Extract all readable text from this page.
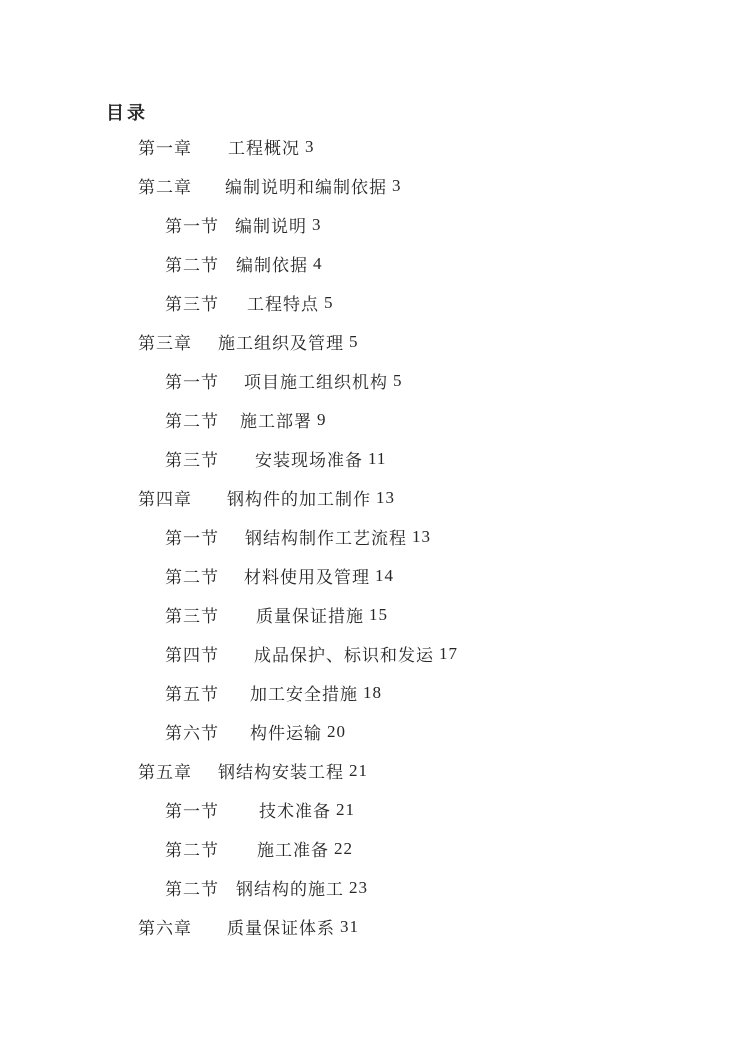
目录
第一章 工程概况 3
第二章 编制说明和编制依据 3
第一节 编制说明 3
第二节 编制依据 4
第三节 工程特点 5
第三章 施工组织及管理 5
第一节 项目施工组织机构 5
第二节 施工部署 9
第三节 安装现场准备 11
第四章 钢构件的加工制作 13
第一节 钢结构制作工艺流程 13
第二节 材料使用及管理 14
第三节 质量保证措施 15
第四节 成品保护、标识和发运 17
第五节 加工安全措施 18
第六节 构件运输 20
第五章 钢结构安装工程 21
第一节 技术准备 21
第二节 施工准备 22
第二节 钢结构的施工 23
第六章 质量保证体系 31
